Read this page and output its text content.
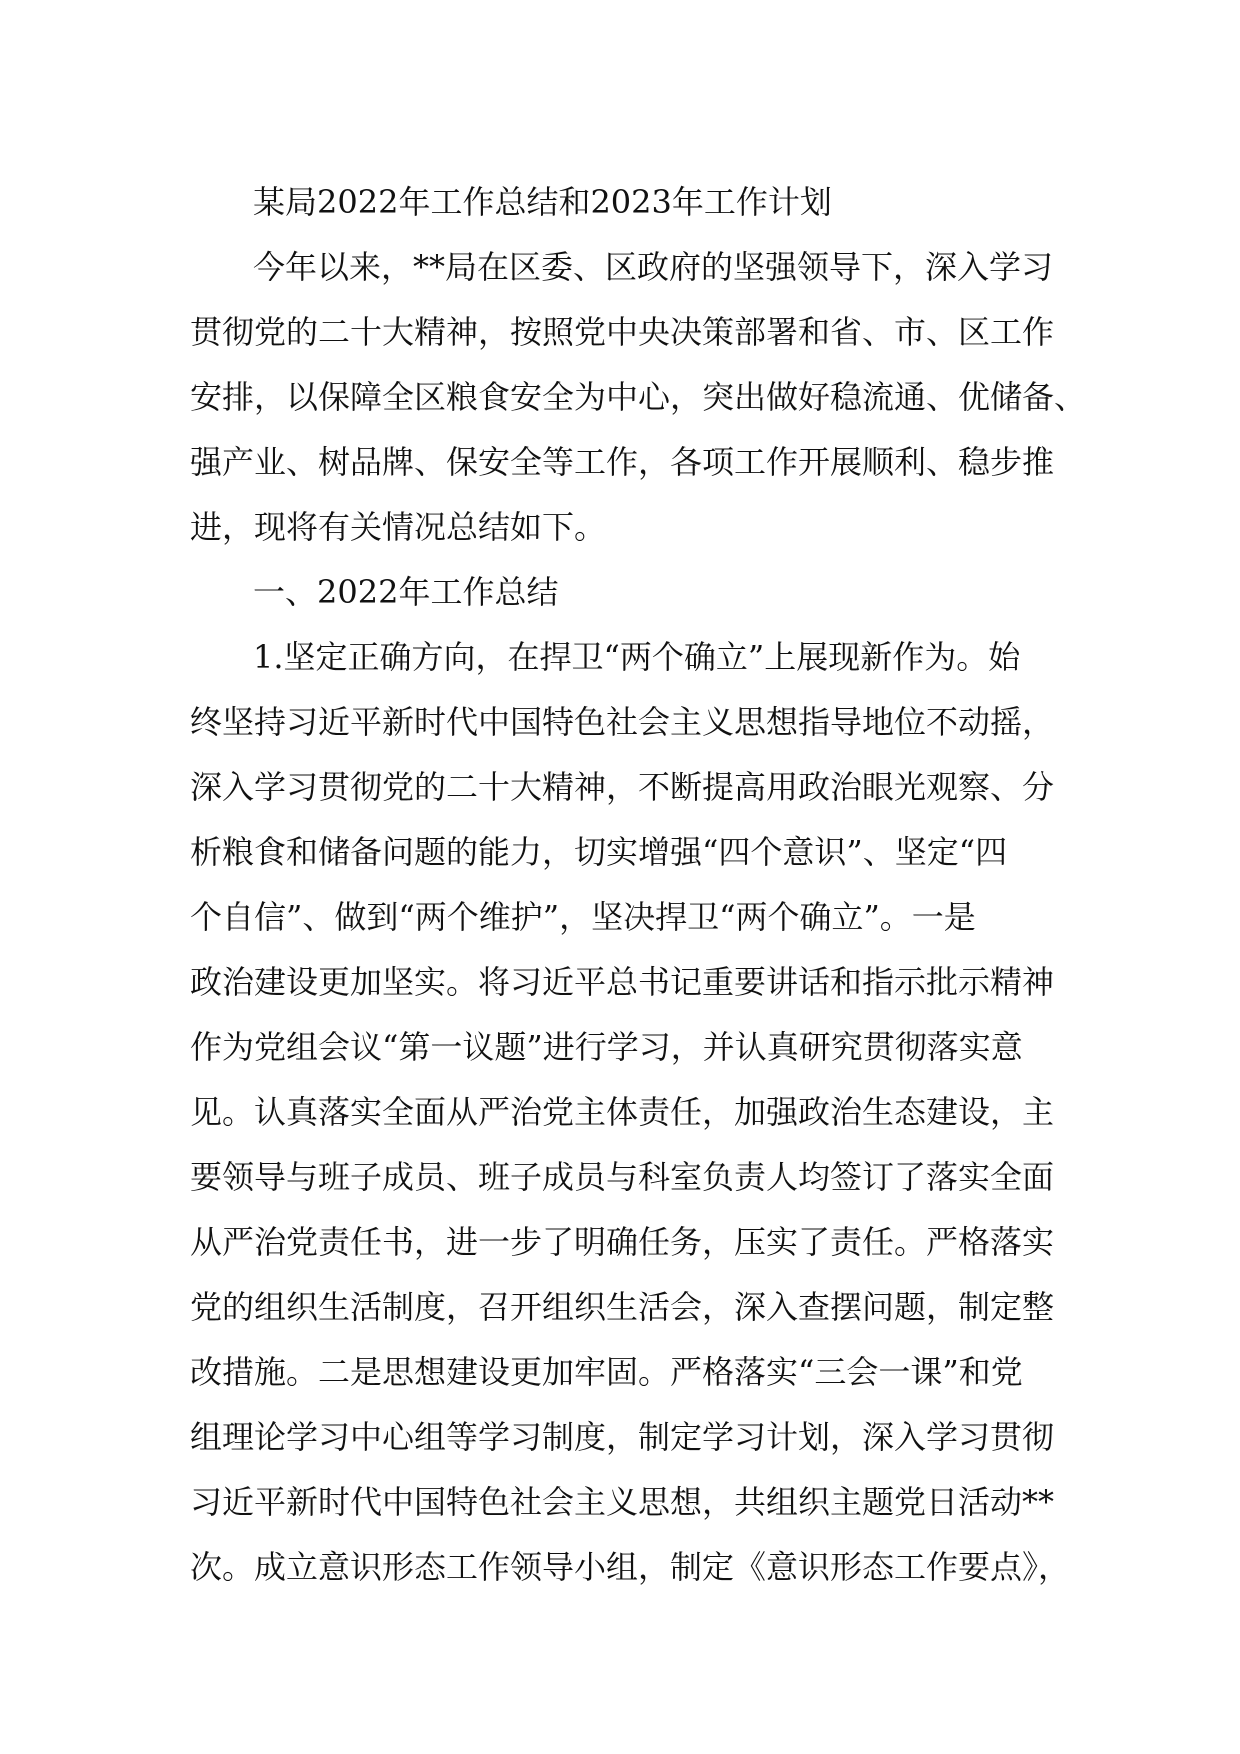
某局2022年工作总结和2023年工作计划
今年以来，**局在区委、区政府的坚强领导下，深入学习
贯彻党的二十大精神，按照党中央决策部署和省、市、区工作
安排，以保障全区粮食安全为中心，突出做好稳流通、优储备、
强产业、树品牌、保安全等工作，各项工作开展顺利、稳步推
进，现将有关情况总结如下。
一、2022年工作总结
1.坚定正确方向，在捍卫“两个确立”上展现新作为。始
终坚持习近平新时代中国特色社会主义思想指导地位不动摇，
深入学习贯彻党的二十大精神，不断提高用政治眼光观察、分
析粮食和储备问题的能力，切实增强“四个意识”、坚定“四
个自信”、做到“两个维护”，坚决捍卫“两个确立”。一是
政治建设更加坚实。将习近平总书记重要讲话和指示批示精神
作为党组会议“第一议题”进行学习，并认真研究贯彻落实意
见。认真落实全面从严治党主体责任，加强政治生态建设，主
要领导与班子成员、班子成员与科室负责人均签订了落实全面
从严治党责任书，进一步了明确任务，压实了责任。严格落实
党的组织生活制度，召开组织生活会，深入查摆问题，制定整
改措施。二是思想建设更加牢固。严格落实“三会一课”和党
组理论学习中心组等学习制度，制定学习计划，深入学习贯彻
习近平新时代中国特色社会主义思想，共组织主题党日活动**
次。成立意识形态工作领导小组，制定《意识形态工作要点》，
